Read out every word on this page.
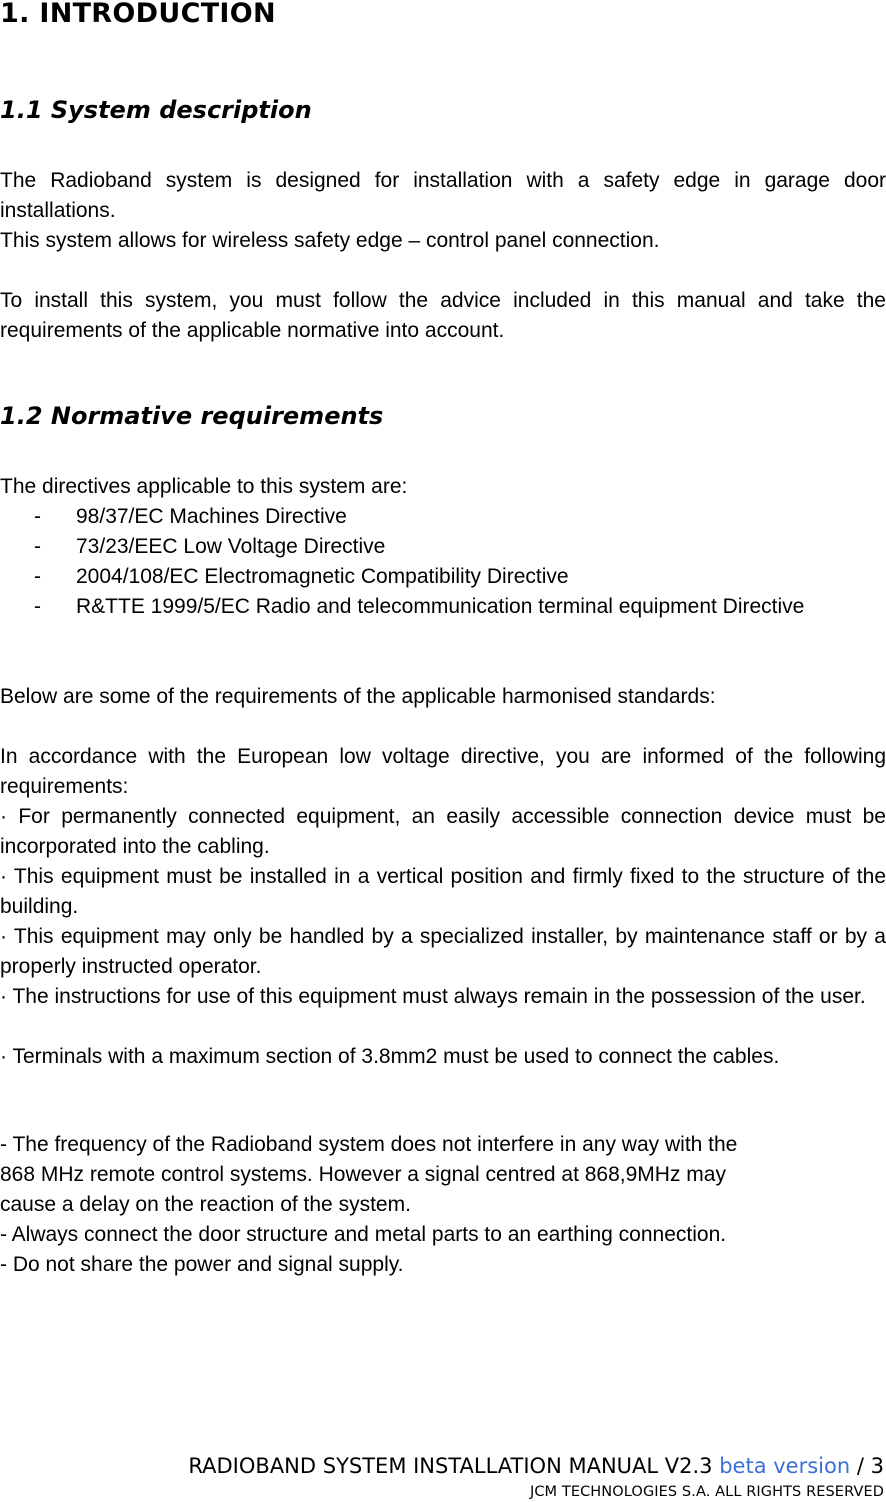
1. INTRODUCTION
1.1 System description

The Radioband system is designed for installation with a safety edge in garage door installations.

This system allows for wireless safety edge – control panel connection.

To install this system, you must follow the advice included in this manual and take the requirements of the applicable normative into account.

1.2 Normative requirements

The directives applicable to this system are:

- 98/37/EC Machines Directive
- 73/23/EEC Low Voltage Directive
- 2004/108/EC Electromagnetic Compatibility Directive
- R&TTE 1999/5/EC Radio and telecommunication terminal equipment Directive

Below are some of the requirements of the applicable harmonised standards:

In accordance with the European low voltage directive, you are informed of the following requirements:

· For permanently connected equipment, an easily accessible connection device must be incorporated into the cabling.

· This equipment must be installed in a vertical position and firmly fixed to the structure of the building.

· This equipment may only be handled by a specialized installer, by maintenance staff or by a properly instructed operator.

· The instructions for use of this equipment must always remain in the possession of the user.

· Terminals with a maximum section of 3.8mm2 must be used to connect the cables.

- The frequency of the Radioband system does not interfere in any way with the

868 MHz remote control systems. However a signal centred at 868,9MHz may

cause a delay on the reaction of the system.

- Always connect the door structure and metal parts to an earthing connection.

- Do not share the power and signal supply.

RADIOBAND SYSTEM INSTALLATION MANUAL V2.3 beta version / 3
JCM TECHNOLOGIES S.A. ALL RIGHTS RESERVED
